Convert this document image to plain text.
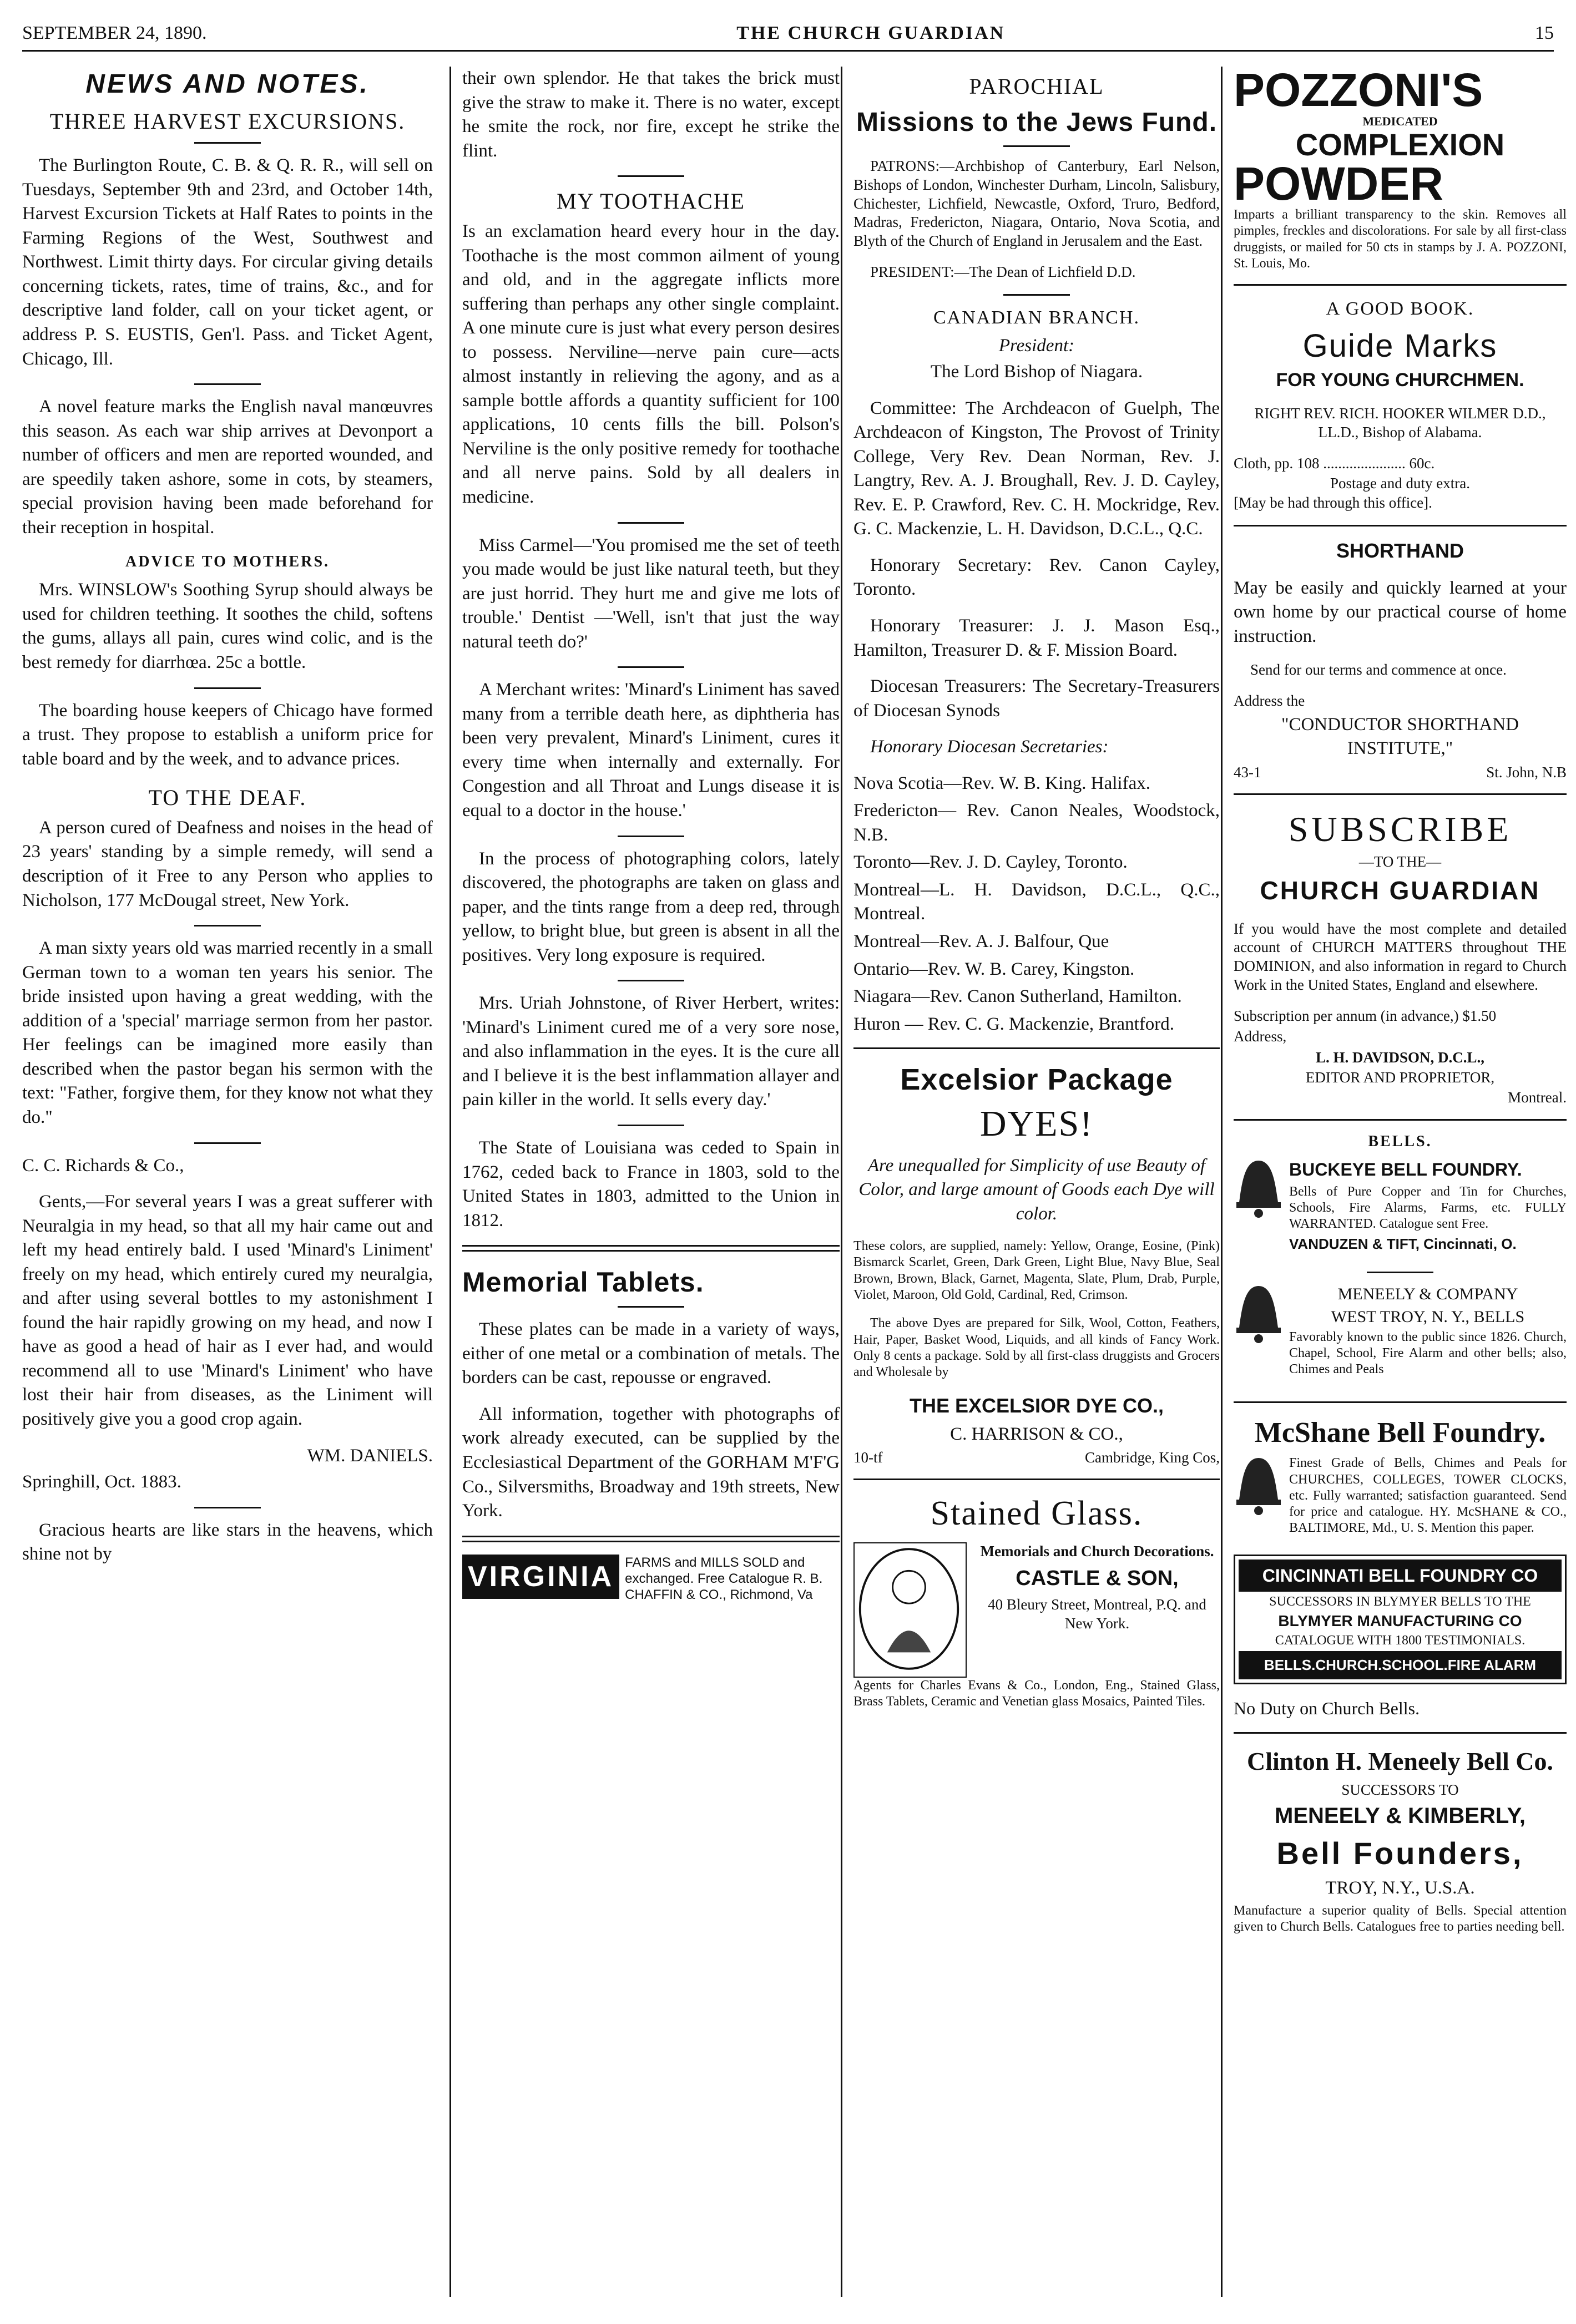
SEPTEMBER 24, 1890.	THE CHURCH GUARDIAN	15
NEWS AND NOTES.
THREE HARVEST EXCURSIONS.

The Burlington Route, C. B. & Q. R. R., will sell on Tuesdays, September 9th and 23rd, and October 14th, Harvest Excursion Tickets at Half Rates to points in the Farming Regions of the West, Southwest and Northwest. Limit thirty days. For circular giving details concerning tickets, rates, time of trains, &c., and for descriptive land folder, call on your ticket agent, or address P. S. EUSTIS, Gen'l. Pass. and Ticket Agent, Chicago, Ill.

A novel feature marks the English naval manœuvres this season. As each war ship arrives at Devonport a number of officers and men are reported wounded, and are speedily taken ashore, some in cots, by steamers, special provision having been made beforehand for their reception in hospital.

ADVICE TO MOTHERS.

Mrs. WINSLOW's Soothing Syrup should always be used for children teething. It soothes the child, softens the gums, allays all pain, cures wind colic, and is the best remedy for diarrhœa. 25c a bottle.

The boarding house keepers of Chicago have formed a trust. They propose to establish a uniform price for table board and by the week, and to advance prices.

TO THE DEAF.

A person cured of Deafness and noises in the head of 23 years' standing by a simple remedy, will send a description of it Free to any Person who applies to Nicholson, 177 McDougal street, New York.

A man sixty years old was married recently in a small German town to a woman ten years his senior. The bride insisted upon having a great wedding, with the addition of a 'special' marriage sermon from her pastor. Her feelings can be imagined more easily than described when the pastor began his sermon with the text: "Father, forgive them, for they know not what they do."

C. C. Richards & Co.,

Gents,—For several years I was a great sufferer with Neuralgia in my head, so that all my hair came out and left my head entirely bald. I used 'Minard's Liniment' freely on my head, which entirely cured my neuralgia, and after using several bottles to my astonishment I found the hair rapidly growing on my head, and now I have as good a head of hair as I ever had, and would recommend all to use 'Minard's Liniment' who have lost their hair from diseases, as the Liniment will positively give you a good crop again.

WM. DANIELS.

Springhill, Oct. 1883.

Gracious hearts are like stars in the heavens, which shine not by

their own splendor. He that takes the brick must give the straw to make it. There is no water, except he smite the rock, nor fire, except he strike the flint.

MY TOOTHACHE

Is an exclamation heard every hour in the day. Toothache is the most common ailment of young and old, and in the aggregate inflicts more suffering than perhaps any other single complaint. A one minute cure is just what every person desires to possess. Nerviline—nerve pain cure—acts almost instantly in relieving the agony, and as a sample bottle affords a quantity sufficient for 100 applications, 10 cents fills the bill. Polson's Nerviline is the only positive remedy for toothache and all nerve pains. Sold by all dealers in medicine.

Miss Carmel—'You promised me the set of teeth you made would be just like natural teeth, but they are just horrid. They hurt me and give me lots of trouble.' Dentist —'Well, isn't that just the way natural teeth do?'

A Merchant writes: 'Minard's Liniment has saved many from a terrible death here, as diphtheria has been very prevalent, Minard's Liniment, cures it every time when internally and externally. For Congestion and all Throat and Lungs disease it is equal to a doctor in the house.'

In the process of photographing colors, lately discovered, the photographs are taken on glass and paper, and the tints range from a deep red, through yellow, to bright blue, but green is absent in all the positives. Very long exposure is required.

Mrs. Uriah Johnstone, of River Herbert, writes: 'Minard's Liniment cured me of a very sore nose, and also inflammation in the eyes. It is the cure all and I believe it is the best inflammation allayer and pain killer in the world. It sells every day.'

The State of Louisiana was ceded to Spain in 1762, ceded back to France in 1803, sold to the United States in 1803, admitted to the Union in 1812.

Memorial Tablets.

These plates can be made in a variety of ways, either of one metal or a combination of metals. The borders can be cast, repousse or engraved.

All information, together with photographs of work already executed, can be supplied by the Ecclesiastical Department of the GORHAM M'F'G Co., Silversmiths, Broadway and 19th streets, New York.

VIRGINIA FARMS and MILLS SOLD and exchanged. Free Catalogue R. B. CHAFFIN & CO., Richmond, Va
PAROCHIAL
Missions to the Jews Fund.

PATRONS:—Archbishop of Canterbury, Earl Nelson, Bishops of London, Winchester Durham, Lincoln, Salisbury, Chichester, Lichfield, Newcastle, Oxford, Truro, Bedford, Madras, Fredericton, Niagara, Ontario, Nova Scotia, and Blyth of the Church of England in Jerusalem and the East.

PRESIDENT:—The Dean of Lichfield D.D.

CANADIAN BRANCH.

President:

The Lord Bishop of Niagara.

Committee: The Archdeacon of Guelph, The Archdeacon of Kingston, The Provost of Trinity College, Very Rev. Dean Norman, Rev. J. Langtry, Rev. A. J. Broughall, Rev. J. D. Cayley, Rev. E. P. Crawford, Rev. C. H. Mockridge, Rev. G. C. Mackenzie, L. H. Davidson, D.C.L., Q.C.

Honorary Secretary: Rev. Canon Cayley, Toronto.

Honorary Treasurer: J. J. Mason Esq., Hamilton, Treasurer D. & F. Mission Board.

Diocesan Treasurers: The Secretary-Treasurers of Diocesan Synods

Honorary Diocesan Secretaries:

Nova Scotia—Rev. W. B. King. Halifax.

Fredericton— Rev. Canon Neales, Woodstock, N.B.

Toronto—Rev. J. D. Cayley, Toronto.

Montreal—L. H. Davidson, D.C.L., Q.C., Montreal.

Montreal—Rev. A. J. Balfour, Que

Ontario—Rev. W. B. Carey, Kingston.

Niagara—Rev. Canon Sutherland, Hamilton.

Huron — Rev. C. G. Mackenzie, Brantford.

Excelsior Package
DYES!

Are unequalled for Simplicity of use Beauty of Color, and large amount of Goods each Dye will color.

These colors, are supplied, namely: Yellow, Orange, Eosine, (Pink) Bismarck Scarlet, Green, Dark Green, Light Blue, Navy Blue, Seal Brown, Brown, Black, Garnet, Magenta, Slate, Plum, Drab, Purple, Violet, Maroon, Old Gold, Cardinal, Red, Crimson.

The above Dyes are prepared for Silk, Wool, Cotton, Feathers, Hair, Paper, Basket Wood, Liquids, and all kinds of Fancy Work. Only 8 cents a package. Sold by all first-class druggists and Grocers and Wholesale by

THE EXCELSIOR DYE CO.,

C. HARRISON & CO.,

10-tf	Cambridge, King Cos,
Stained Glass.

Memorials and Church Decorations.

CASTLE & SON,

40 Bleury Street, Montreal, P.Q. and New York.

Agents for Charles Evans & Co., London, Eng., Stained Glass, Brass Tablets, Ceramic and Venetian glass Mosaics, Painted Tiles.

POZZONI'S
MEDICATED
COMPLEXION
POWDER

Imparts a brilliant transparency to the skin. Removes all pimples, freckles and discolorations. For sale by all first-class druggists, or mailed for 50 cts in stamps by J. A. POZZONI, St. Louis, Mo.

A GOOD BOOK.
Guide Marks

FOR YOUNG CHURCHMEN.

RIGHT REV. RICH. HOOKER WILMER D.D., LL.D., Bishop of Alabama.

Cloth, pp. 108 ...................... 60c.

Postage and duty extra.

[May be had through this office].

SHORTHAND

May be easily and quickly learned at your own home by our practical course of home instruction.

Send for our terms and commence at once.

Address the

"CONDUCTOR SHORTHAND INSTITUTE,"

43-1	St. John, N.B
SUBSCRIBE

—TO THE—

CHURCH GUARDIAN

If you would have the most complete and detailed account of CHURCH MATTERS throughout THE DOMINION, and also information in regard to Church Work in the United States, England and elsewhere.

Subscription per annum (in advance,) $1.50

Address,

L. H. DAVIDSON, D.C.L.,

EDITOR AND PROPRIETOR,

Montreal.

BELLS.

BUCKEYE BELL FOUNDRY.

Bells of Pure Copper and Tin for Churches, Schools, Fire Alarms, Farms, etc. FULLY WARRANTED. Catalogue sent Free.

VANDUZEN & TIFT, Cincinnati, O.

MENEELY & COMPANY

WEST TROY, N. Y., BELLS

Favorably known to the public since 1826. Church, Chapel, School, Fire Alarm and other bells; also, Chimes and Peals

McShane Bell Foundry.

Finest Grade of Bells, Chimes and Peals for CHURCHES, COLLEGES, TOWER CLOCKS, etc. Fully warranted; satisfaction guaranteed. Send for price and catalogue. HY. McSHANE & CO., BALTIMORE, Md., U. S. Mention this paper.

CINCINNATI BELL FOUNDRY CO

SUCCESSORS IN BLYMYER BELLS TO THE

BLYMYER MANUFACTURING CO

CATALOGUE WITH 1800 TESTIMONIALS.

BELLS.CHURCH.SCHOOL.FIRE ALARM

No Duty on Church Bells.

Clinton H. Meneely Bell Co.

SUCCESSORS TO

MENEELY & KIMBERLY,

Bell Founders,

TROY, N.Y., U.S.A.

Manufacture a superior quality of Bells. Special attention given to Church Bells. Catalogues free to parties needing bell.
